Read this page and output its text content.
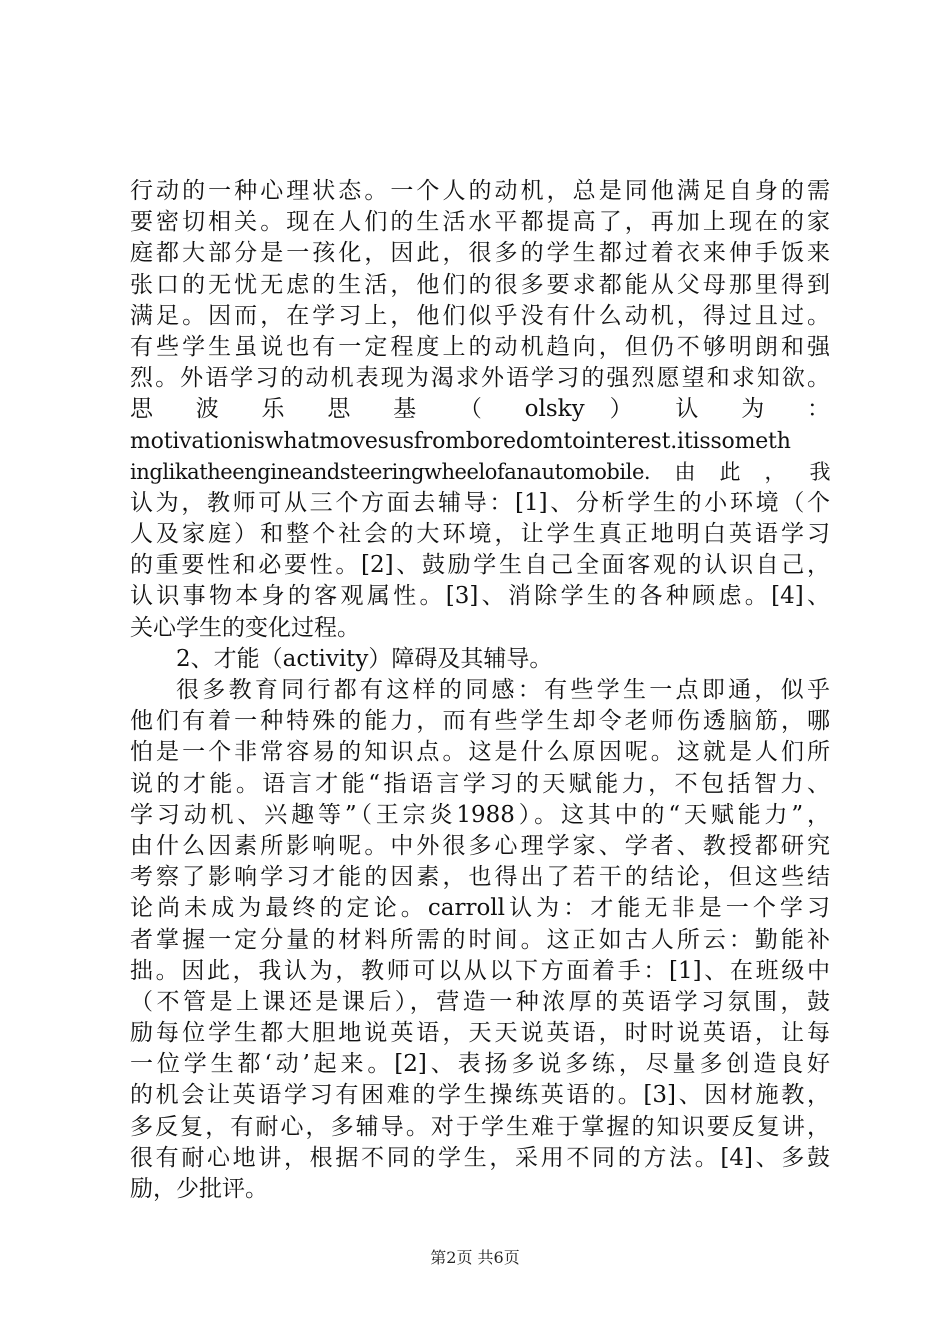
行动的一种心理状态。一个人的动机，总是同他满足自身的需
要密切相关。现在人们的生活水平都提高了，再加上现在的家
庭都大部分是一孩化，因此，很多的学生都过着衣来伸手饭来
张口的无忧无虑的生活，他们的很多要求都能从父母那里得到
满足。因而，在学习上，他们似乎没有什么动机，得过且过。
有些学生虽说也有一定程度上的动机趋向，但仍不够明朗和强
烈。外语学习的动机表现为渴求外语学习的强烈愿望和求知欲。
思 波 乐 思 基 （ olsky ） 认 为 ：
motivationiswhatmovesusfromboredomtointerest.itissometh
inglikatheengineandsteeringwheelofanautomobile.由此，我
认为，教师可从三个方面去辅导：[1]、分析学生的小环境（个
人及家庭）和整个社会的大环境，让学生真正地明白英语学习
的重要性和必要性。[2]、鼓励学生自己全面客观的认识自己，
认识事物本身的客观属性。[3]、消除学生的各种顾虑。[4]、
关心学生的变化过程。
2、才能（activity）障碍及其辅导。
很多教育同行都有这样的同感：有些学生一点即通，似乎
他们有着一种特殊的能力，而有些学生却令老师伤透脑筋，哪
怕是一个非常容易的知识点。这是什么原因呢。这就是人们所
说的才能。语言才能“指语言学习的天赋能力，不包括智力、
学习动机、兴趣等”（王宗炎1988）。这其中的“天赋能力”，
由什么因素所影响呢。中外很多心理学家、学者、教授都研究
考察了影响学习才能的因素，也得出了若干的结论，但这些结
论尚未成为最终的定论。carroll认为：才能无非是一个学习
者掌握一定分量的材料所需的时间。这正如古人所云：勤能补
拙。因此，我认为，教师可以从以下方面着手：[1]、在班级中
（不管是上课还是课后），营造一种浓厚的英语学习氛围，鼓
励每位学生都大胆地说英语，天天说英语，时时说英语，让每
一位学生都‘动’起来。[2]、表扬多说多练，尽量多创造良好
的机会让英语学习有困难的学生操练英语的。[3]、因材施教，
多反复，有耐心，多辅导。对于学生难于掌握的知识要反复讲，
很有耐心地讲，根据不同的学生，采用不同的方法。[4]、多鼓
励，少批评。
第2页 共6页
